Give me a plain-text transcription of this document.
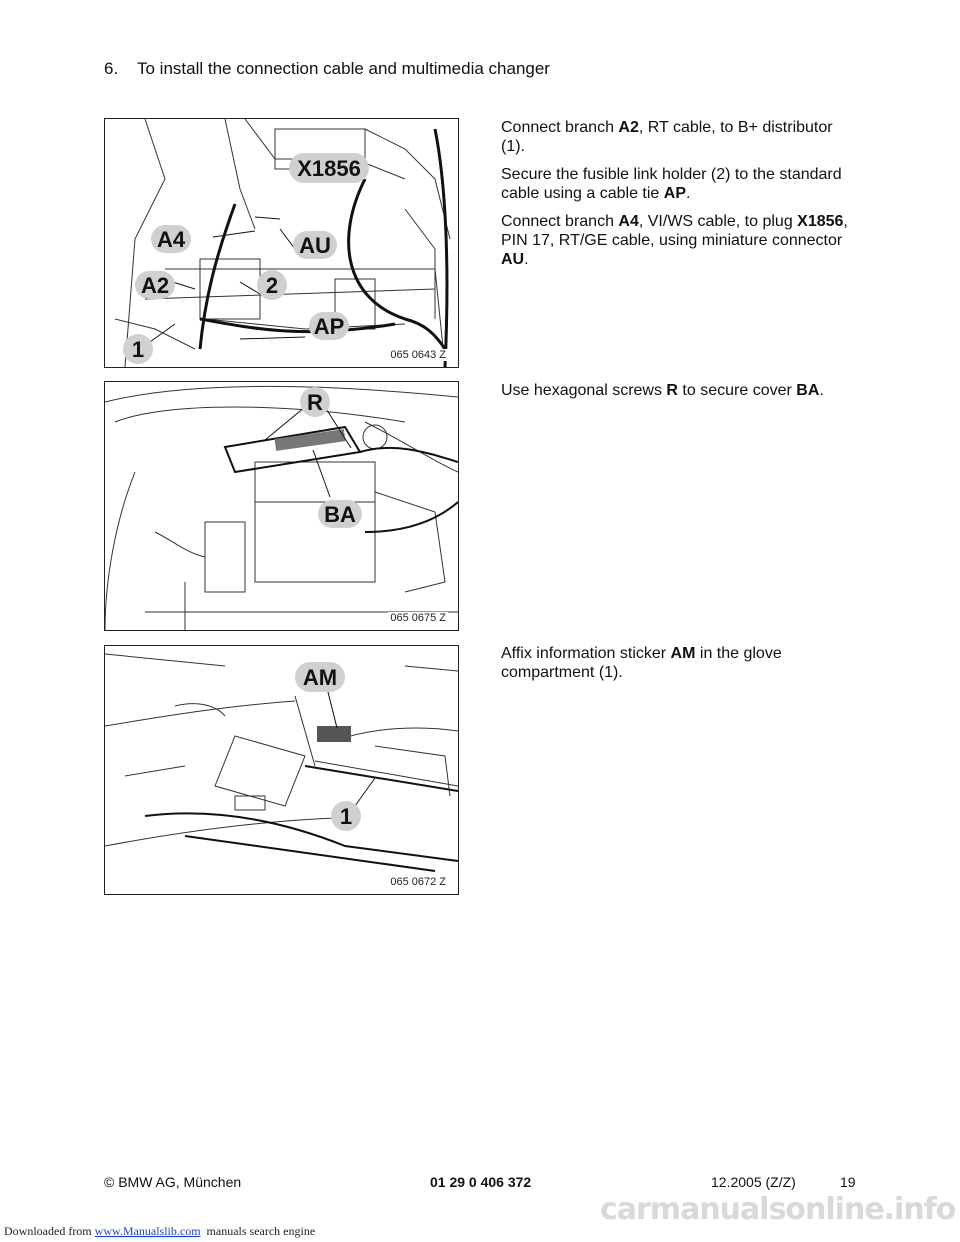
6. To install the connection cable and multimedia changer
X1856
A4	AU
A2	2
AP
1	065 0643 Z
R
BA
065 0675 Z
AM
1
065 0672 Z

Connect branch A2, RT cable, to B+ distributor (1).

Secure the fusible link holder (2) to the standard cable using a cable tie AP.

Connect branch A4, VI/WS cable, to plug X1856, PIN 17, RT/GE cable, using miniature connector AU.

Use hexagonal screws R to secure cover BA.

Affix information sticker AM in the glove compartment (1).

© BMW AG, München	01 29 0 406 372	12.2005 (Z/Z)	19
Downloaded from www.Manualslib.com  manuals search engine
carmanualsonline.info
